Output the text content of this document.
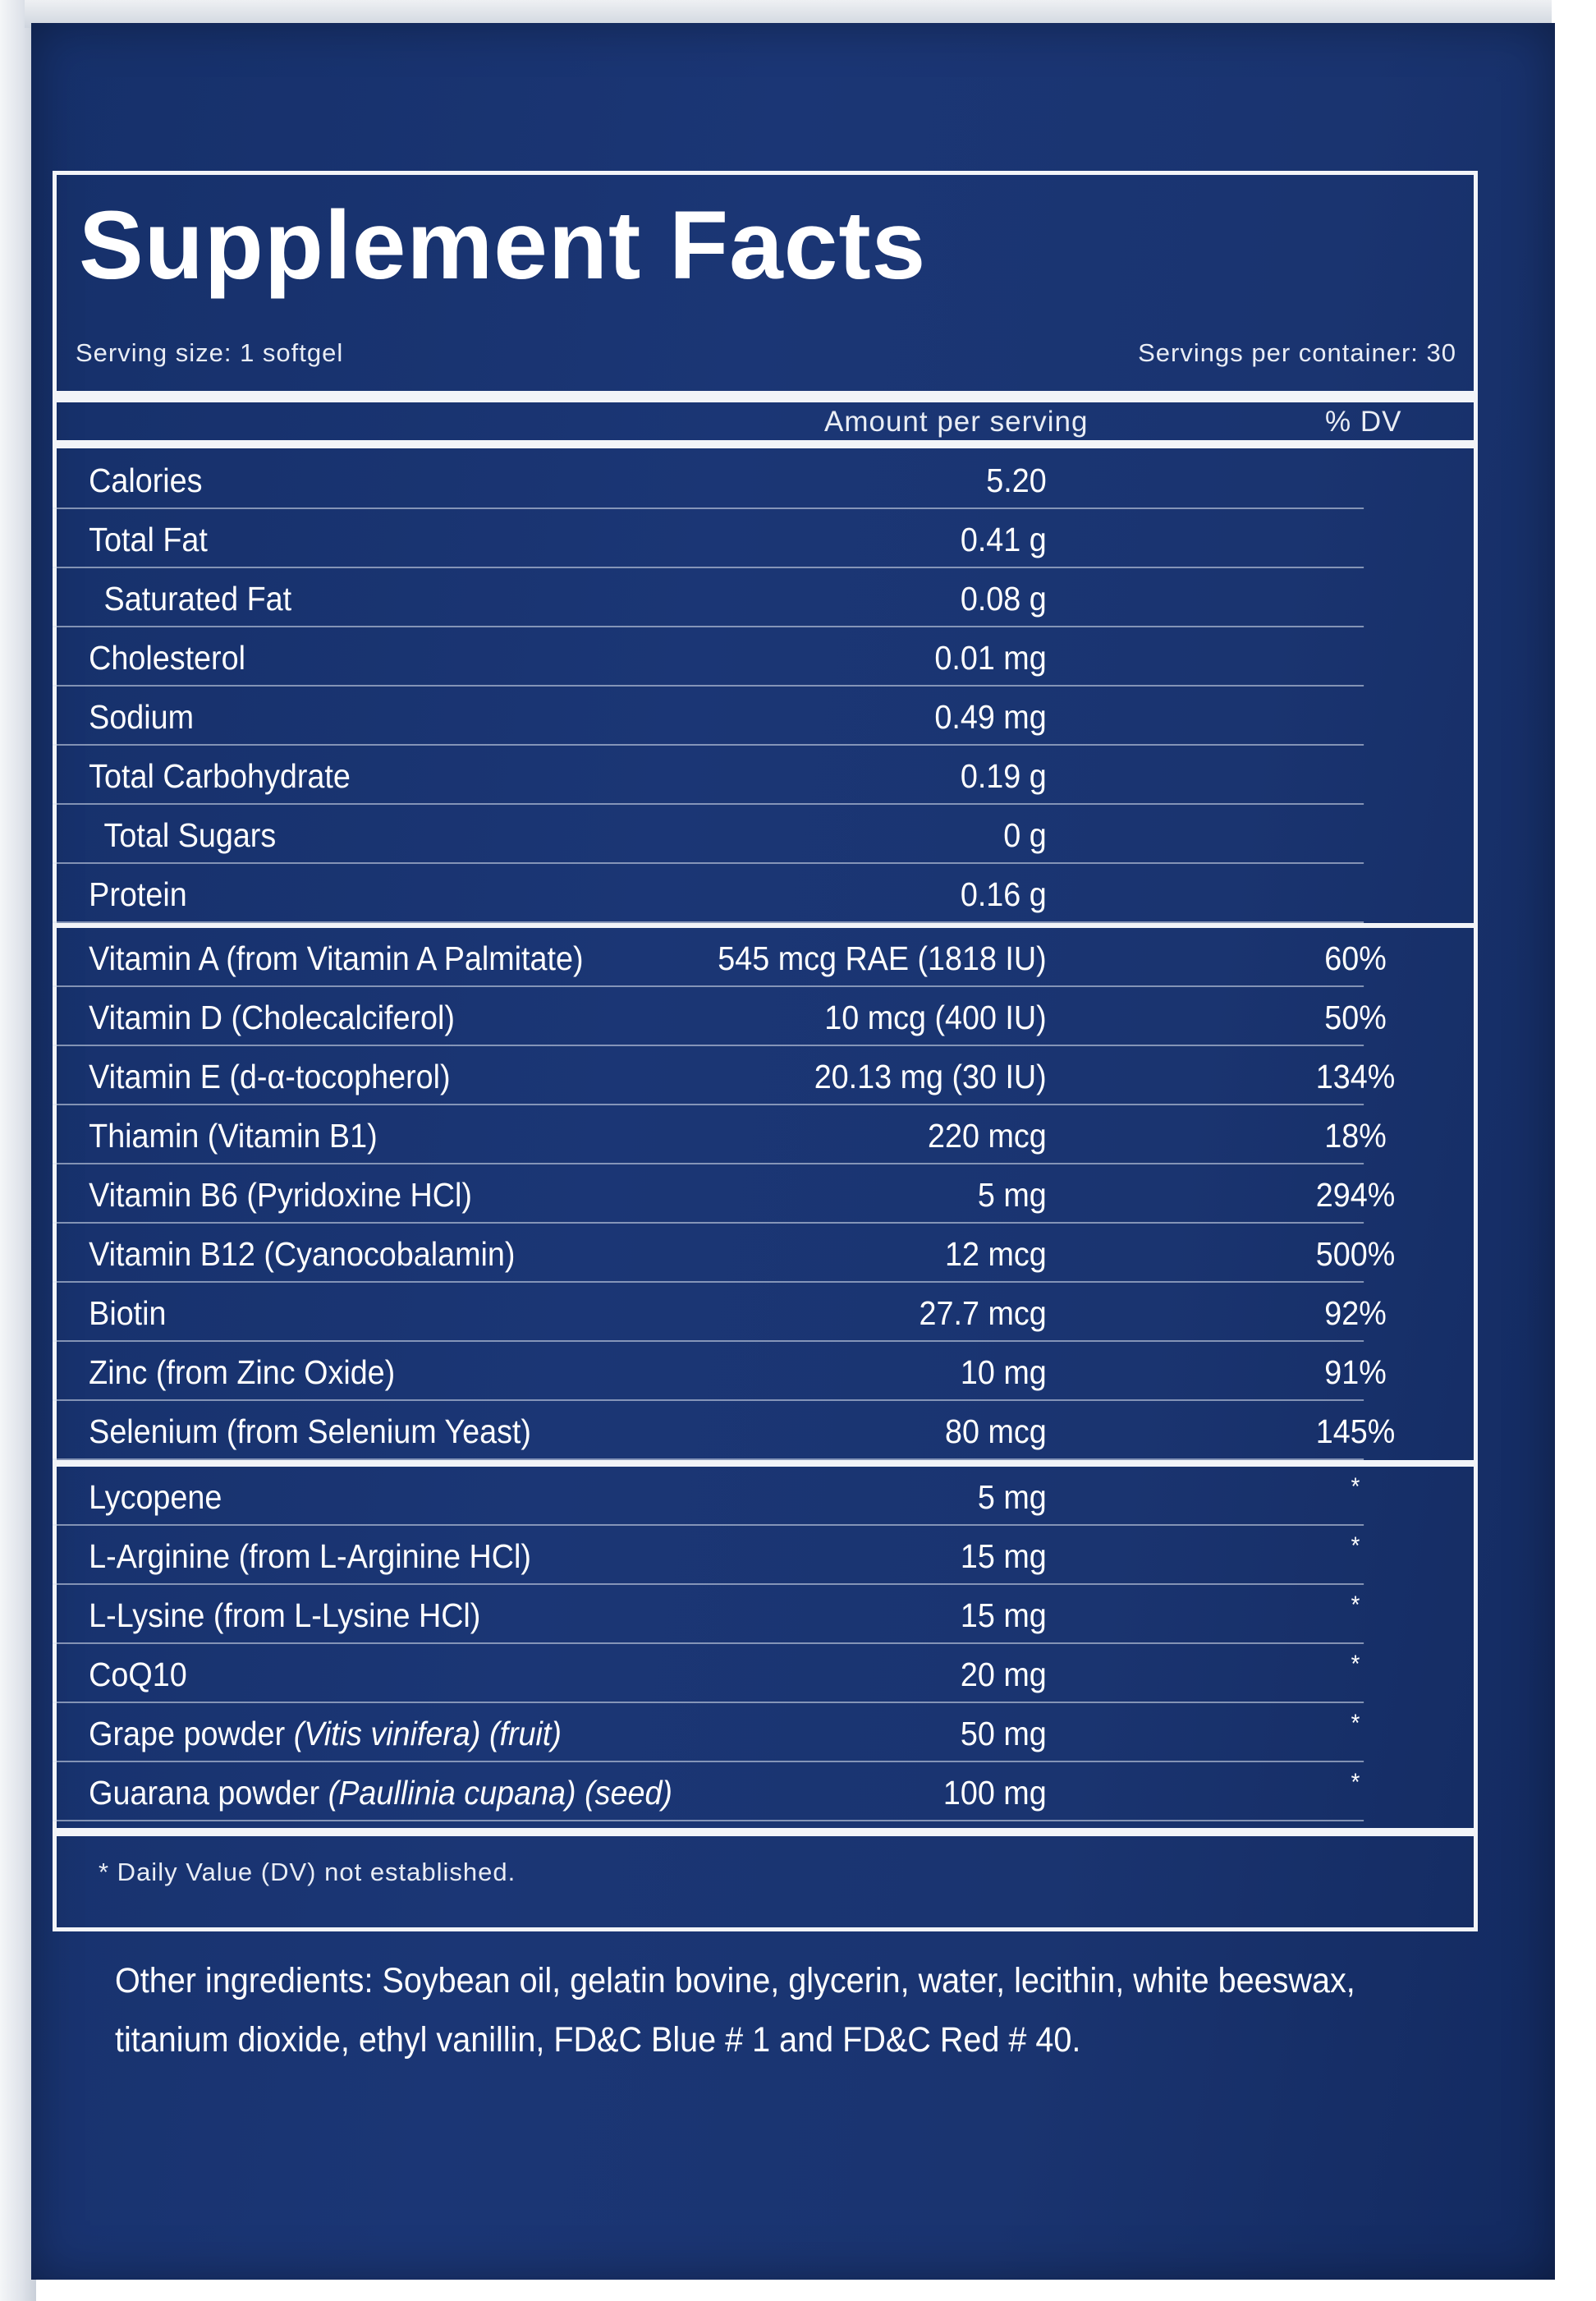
Supplement Facts
Serving size: 1 softgel	Servings per container: 30
Amount per serving	% DV
Calories	5.20
Total Fat	0.41 g
Saturated Fat	0.08 g
Cholesterol	0.01 mg
Sodium	0.49 mg
Total Carbohydrate	0.19 g
Total Sugars	0 g
Protein	0.16 g
Vitamin A (from Vitamin A Palmitate)	545 mcg RAE (1818 IU)	60%
Vitamin D (Cholecalciferol)	10 mcg (400 IU)	50%
Vitamin E (d-α-tocopherol)	20.13 mg (30 IU)	134%
Thiamin (Vitamin B1)	220 mcg	18%
Vitamin B6 (Pyridoxine HCl)	5 mg	294%
Vitamin B12 (Cyanocobalamin)	12 mcg	500%
Biotin	27.7 mcg	92%
Zinc (from Zinc Oxide)	10 mg	91%
Selenium (from Selenium Yeast)	80 mcg	145%
Lycopene	5 mg	*
L-Arginine (from L-Arginine HCl)	15 mg	*
L-Lysine (from L-Lysine HCl)	15 mg	*
CoQ10	20 mg	*
Grape powder (Vitis vinifera) (fruit)	50 mg	*
Guarana powder (Paullinia cupana) (seed)	100 mg	*
* Daily Value (DV) not established.
Other ingredients: Soybean oil, gelatin bovine, glycerin, water, lecithin, white beeswax, titanium dioxide, ethyl vanillin, FD&C Blue # 1 and FD&C Red # 40.
